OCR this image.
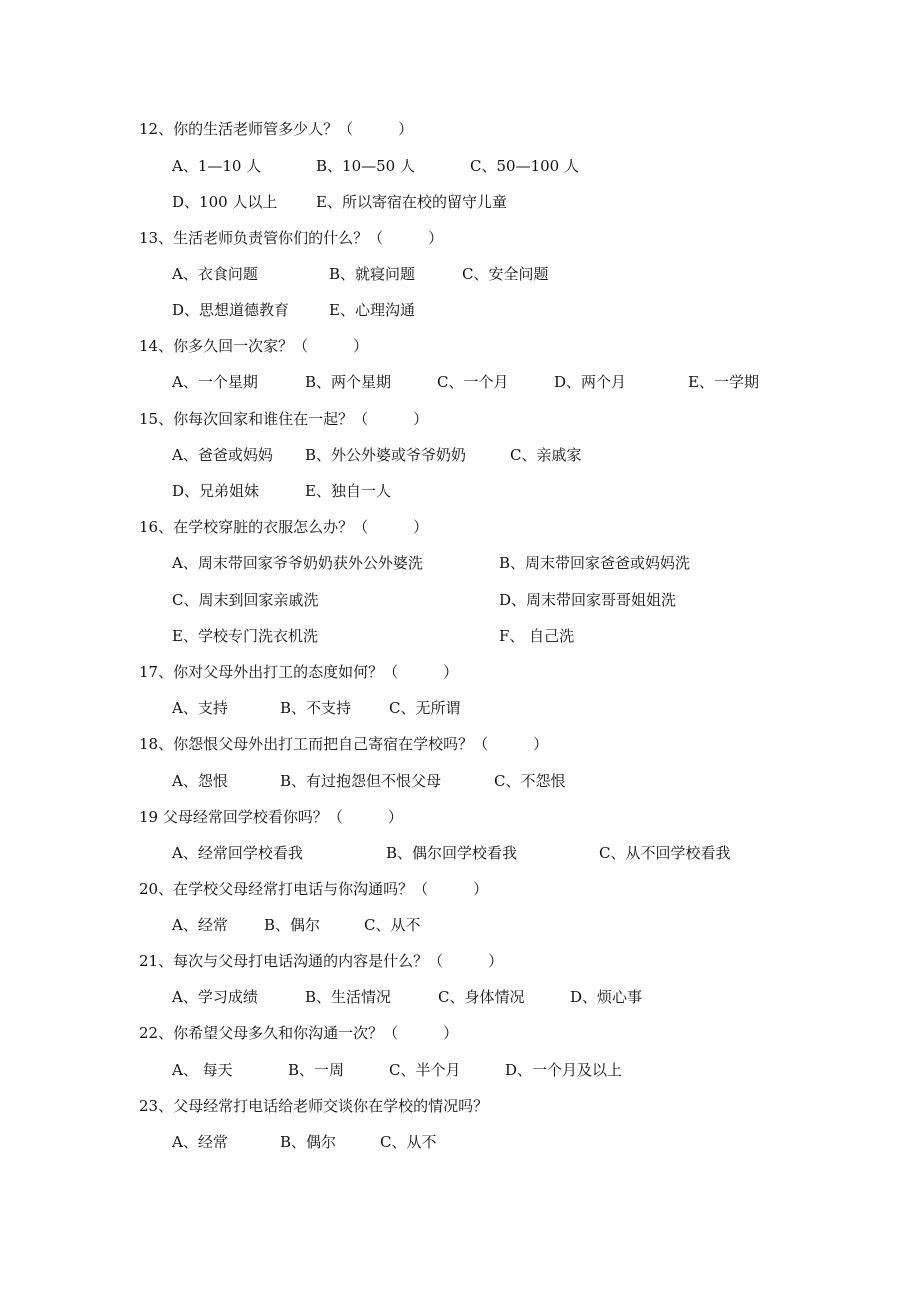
12、你的生活老师管多少人？（　　　）
A、1—10 人	B、10—50 人	C、50—100 人
D、100 人以上	E、所以寄宿在校的留守儿童
13、生活老师负责管你们的什么？（　　　）
A、衣食问题	B、就寝问题	C、安全问题
D、思想道德教育	E、心理沟通
14、你多久回一次家？（　　　）
A、一个星期	B、两个星期	C、一个月	D、两个月	E、一学期
15、你每次回家和谁住在一起？（　　　）
A、爸爸或妈妈 B、外公外婆或爷爷奶奶	C、亲戚家
D、兄弟姐妹	E、独自一人
16、在学校穿脏的衣服怎么办？（　　　）
A、周末带回家爷爷奶奶获外公外婆洗	B、周末带回家爸爸或妈妈洗
C、周末到回家亲戚洗	D、周末带回家哥哥姐姐洗
E、学校专门洗衣机洗	F、 自己洗
17、你对父母外出打工的态度如何？（　　　）
A、支持	B、不支持	C、无所谓
18、你怨恨父母外出打工而把自己寄宿在学校吗？（　　　）
A、怨恨	B、有过抱怨但不恨父母	C、不怨恨
19 父母经常回学校看你吗？（　　　）
A、经常回学校看我	B、偶尔回学校看我	C、从不回学校看我
20、在学校父母经常打电话与你沟通吗？（　　　）
A、经常 B、偶尔	C、从不
21、每次与父母打电话沟通的内容是什么？（　　　）
A、学习成绩	B、生活情况	C、身体情况	D、烦心事
22、你希望父母多久和你沟通一次？（　　　）
A、 每天	B、一周	C、半个月	D、一个月及以上
23、父母经常打电话给老师交谈你在学校的情况吗？
A、经常	B、偶尔	C、从不
